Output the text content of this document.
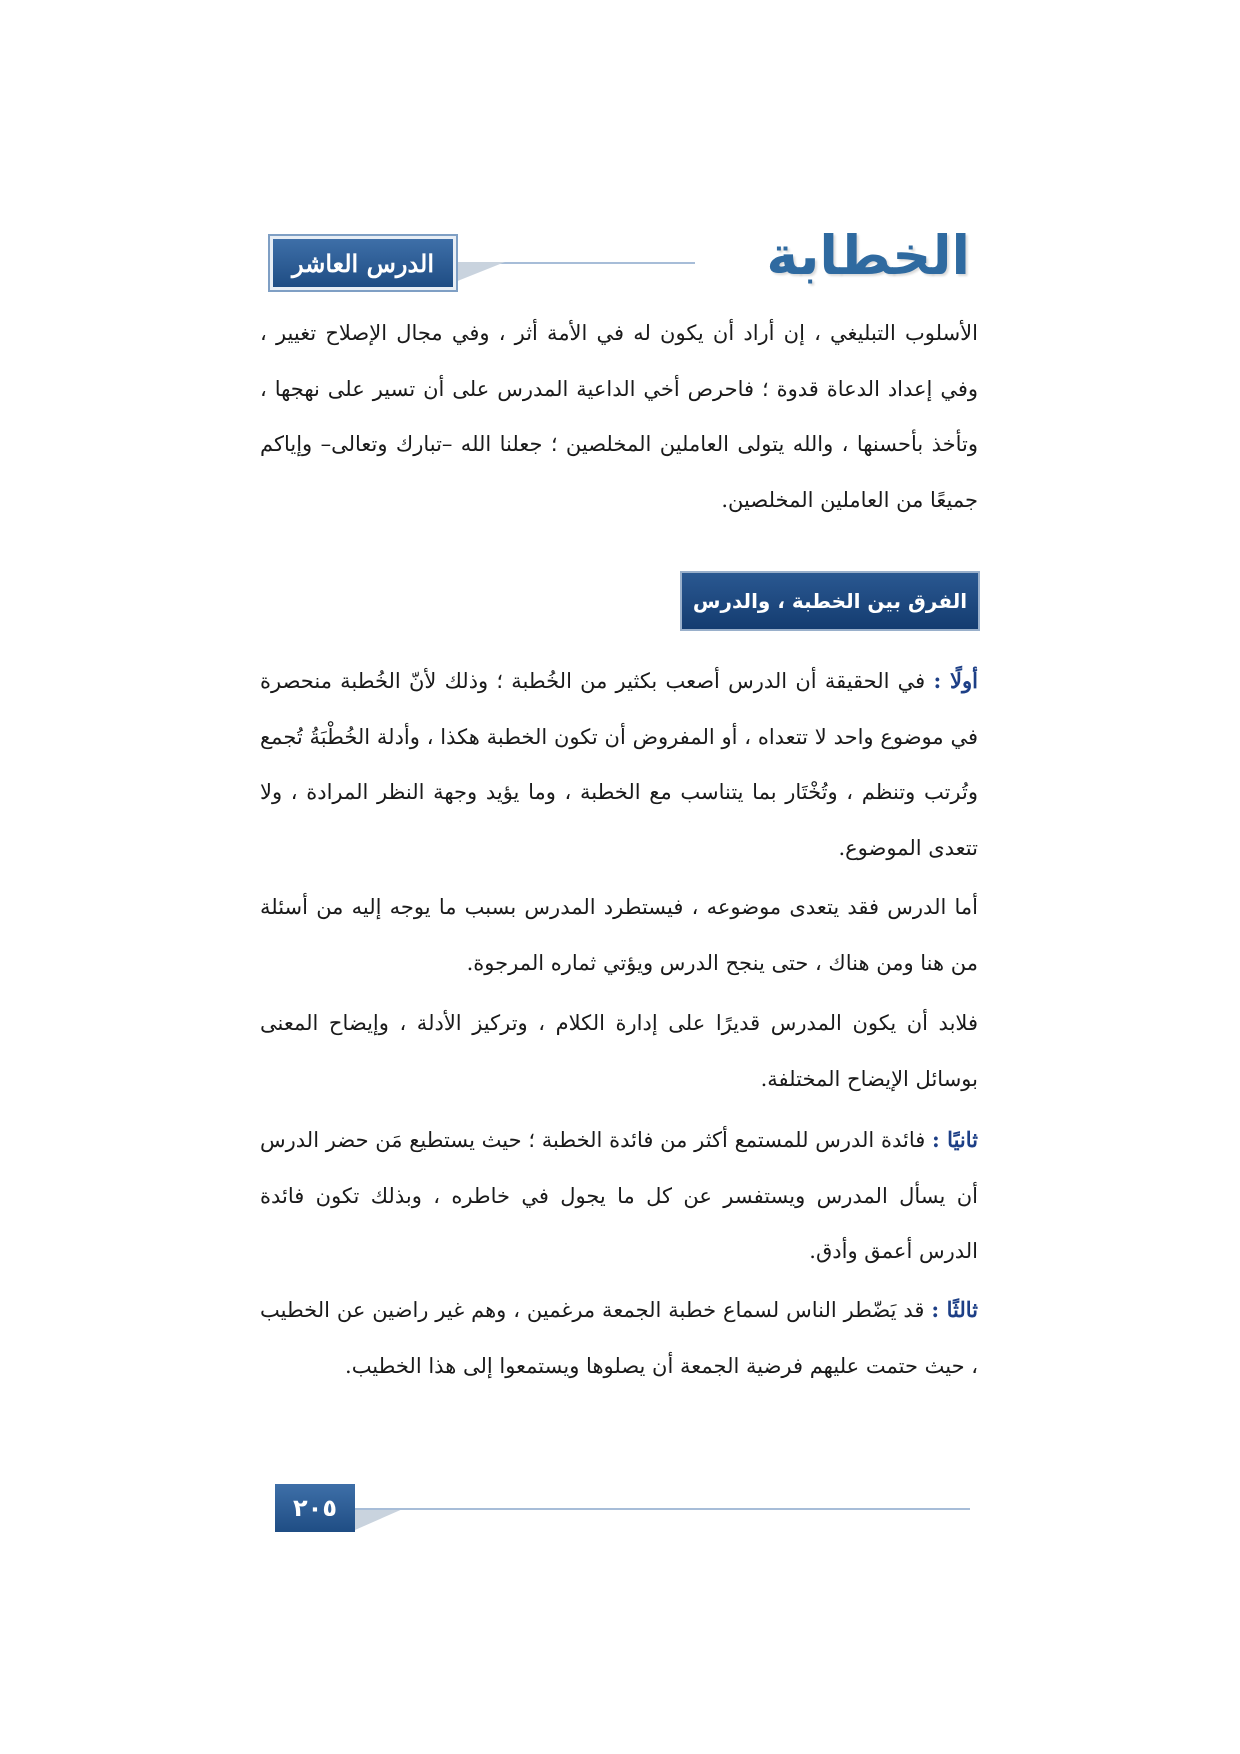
الخطابة
الدرس العاشر

الأسلوب التبليغي ، إن أراد أن يكون له في الأمة أثر ، وفي مجال الإصلاح تغيير ، وفي إعداد الدعاة قدوة ؛ فاحرص أخي الداعية المدرس على أن تسير على نهجها ، وتأخذ بأحسنها ، والله يتولى العاملين المخلصين ؛ جعلنا الله –تبارك وتعالى– وإياكم جميعًا من العاملين المخلصين.

الفرق بين الخطبة ، والدرس

أولًا : في الحقيقة أن الدرس أصعب بكثير من الخُطبة ؛ وذلك لأنّ الخُطبة منحصرة في موضوع واحد لا تتعداه ، أو المفروض أن تكون الخطبة هكذا ، وأدلة الخُطْبَةُ تُجمع وتُرتب وتنظم ، وتُخْتَار بما يتناسب مع الخطبة ، وما يؤيد وجهة النظر المرادة ، ولا تتعدى الموضوع.

أما الدرس فقد يتعدى موضوعه ، فيستطرد المدرس بسبب ما يوجه إليه من أسئلة من هنا ومن هناك ، حتى ينجح الدرس ويؤتي ثماره المرجوة.

فلابد أن يكون المدرس قديرًا على إدارة الكلام ، وتركيز الأدلة ، وإيضاح المعنى بوسائل الإيضاح المختلفة.

ثانيًا : فائدة الدرس للمستمع أكثر من فائدة الخطبة ؛ حيث يستطيع مَن حضر الدرس أن يسأل المدرس ويستفسر عن كل ما يجول في خاطره ، وبذلك تكون فائدة الدرس أعمق وأدق.

ثالثًا : قد يَضّطر الناس لسماع خطبة الجمعة مرغمين ، وهم غير راضين عن الخطيب ، حيث حتمت عليهم فرضية الجمعة أن يصلوها ويستمعوا إلى هذا الخطيب.

٢٠٥
